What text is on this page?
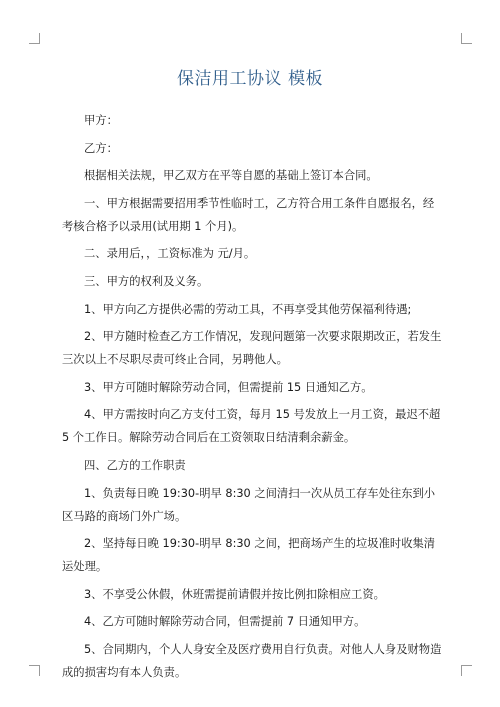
保洁用工协议 模板

甲方：

乙方：

根据相关法规，甲乙双方在平等自愿的基础上签订本合同。

一、甲方根据需要招用季节性临时工，乙方符合用工条件自愿报名，经考核合格予以录用(试用期 1 个月)。

二、录用后，，工资标准为 元/月。

三、甲方的权利及义务。

1、甲方向乙方提供必需的劳动工具，不再享受其他劳保福利待遇;

2、甲方随时检查乙方工作情况，发现问题第一次要求限期改正，若发生三次以上不尽职尽责可终止合同，另聘他人。

3、甲方可随时解除劳动合同，但需提前 15 日通知乙方。

4、甲方需按时向乙方支付工资，每月 15 号发放上一月工资，最迟不超 5 个工作日。解除劳动合同后在工资领取日结清剩余薪金。

四、乙方的工作职责

1、负责每日晚 19:30-明早 8:30 之间清扫一次从员工存车处往东到小区马路的商场门外广场。

2、坚持每日晚 19:30-明早 8:30 之间，把商场产生的垃圾准时收集清运处理。

3、不享受公休假，休班需提前请假并按比例扣除相应工资。

4、乙方可随时解除劳动合同，但需提前 7 日通知甲方。

5、合同期内，个人人身安全及医疗费用自行负责。对他人人身及财物造成的损害均有本人负责。
